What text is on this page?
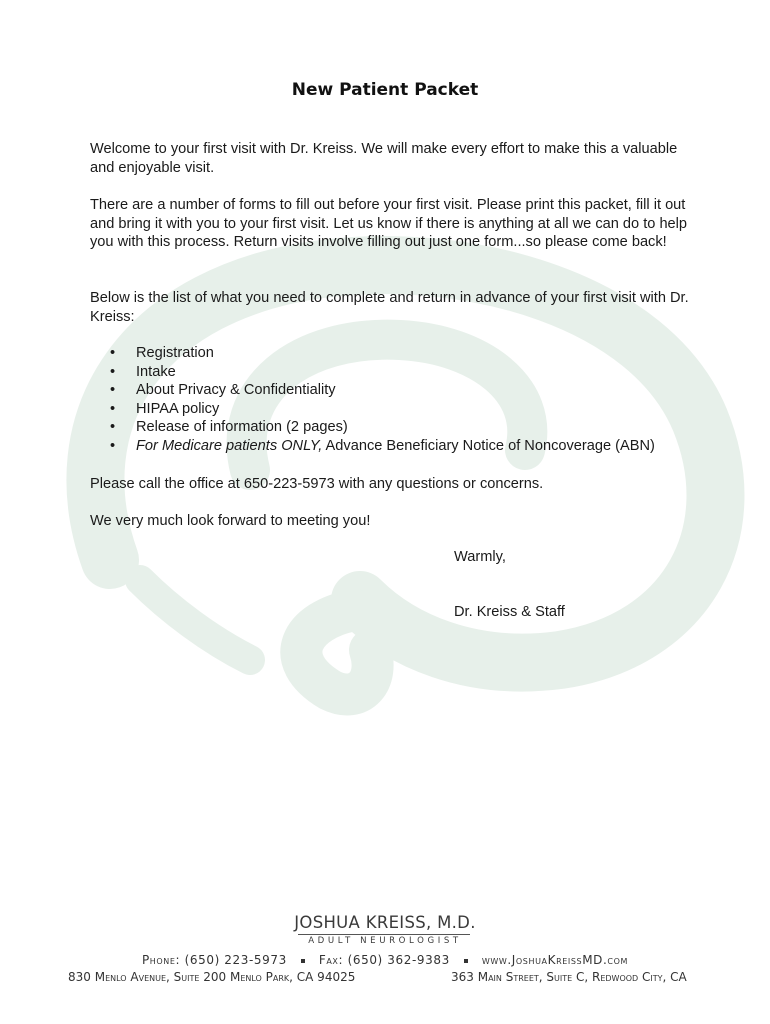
New Patient Packet
Welcome to your first visit with Dr. Kreiss. We will make every effort to make this a valuable and enjoyable visit.
There are a number of forms to fill out before your first visit. Please print this packet, fill it out and bring it with you to your first visit. Let us know if there is anything at all we can do to help you with this process. Return visits involve filling out just one form...so please come back!
Below is the list of what you need to complete and return in advance of your first visit with Dr. Kreiss:
• Registration
• Intake
• About Privacy & Confidentiality
• HIPAA policy
• Release of information (2 pages)
• For Medicare patients ONLY, Advance Beneficiary Notice of Noncoverage (ABN)
Please call the office at 650-223-5973 with any questions or concerns.
We very much look forward to meeting you!
Warmly,
Dr. Kreiss & Staff
JOSHUA KREISS, M.D.
ADULT NEUROLOGIST
Phone: (650) 223-5973	Fax: (650) 362-9383	www.JoshuaKreissMD.com
830 Menlo Avenue, Suite 200 Menlo Park, CA 94025	363 Main Street, Suite C, Redwood City, CA
